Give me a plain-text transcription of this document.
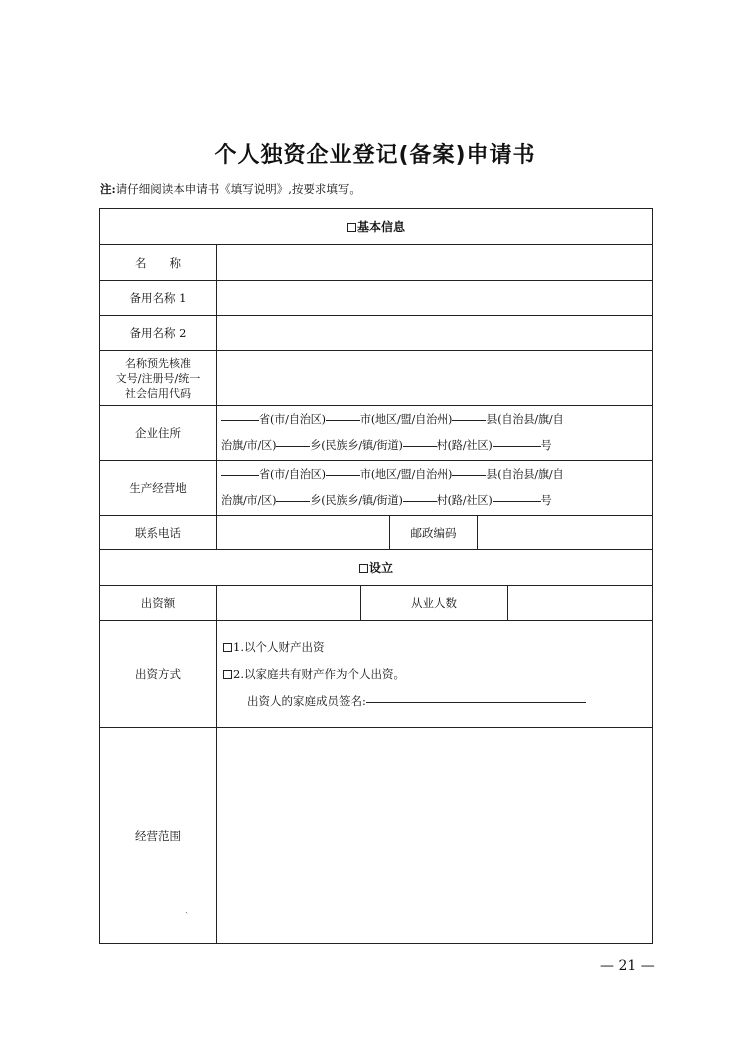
个人独资企业登记(备案)申请书
注:请仔细阅读本申请书《填写说明》,按要求填写。
基本信息					
名　　称					
备用名称 1					
备用名称 2					

名称预先核准
文号/注册号/统一
社会信用代码					

企业住所	省(市/自治区) 市(地区/盟/自治州) 县(自治县/旗/自
治旗/市/区) 乡(民族乡/镇/街道) 村(路/社区) 号				

生产经营地	省(市/自治区) 市(地区/盟/自治州) 县(自治县/旗/自
治旗/市/区) 乡(民族乡/镇/街道) 村(路/社区) 号				

联系电话			邮政编码		
设立					
出资额		从业人数			
出资方式	1.以个人财产出资
2.以家庭共有财产作为个人出资。
出资人的家庭成员签名:				

经营范围					
ˎ
— 21 —
